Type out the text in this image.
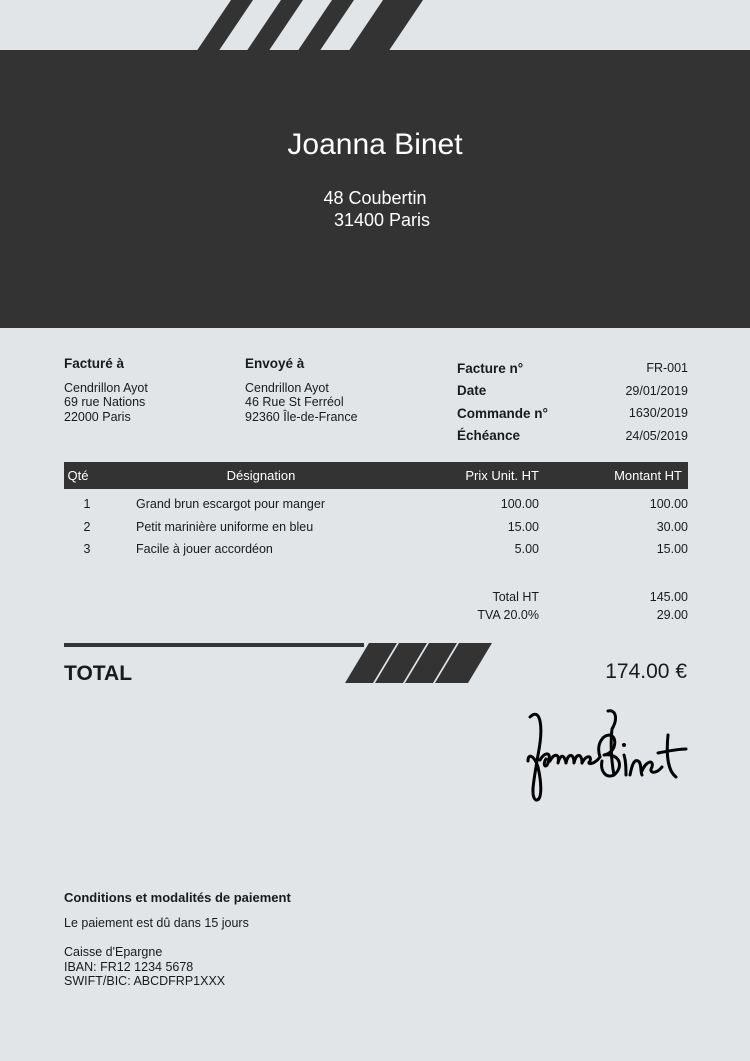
Joanna Binet
48 Coubertin
31400 Paris
Facturé à
Cendrillon Ayot
69 rue Nations
22000 Paris
Envoyé à
Cendrillon Ayot
46 Rue St Ferréol
92360 Île-de-France
Facture n°	FR-001
Date	29/01/2019
Commande n°	1630/2019
Échéance	24/05/2019
Qté	Désignation	Prix Unit. HT	Montant HT
1	Grand brun escargot pour manger	100.00	100.00
2	Petit marinière uniforme en bleu	15.00	30.00
3	Facile à jouer accordéon	5.00	15.00
Total HT	145.00
TVA 20.0%	29.00
TOTAL	174.00 €
Conditions et modalités de paiement
Le paiement est dû dans 15 jours
Caisse d'Epargne
IBAN: FR12 1234 5678
SWIFT/BIC: ABCDFRP1XXX
